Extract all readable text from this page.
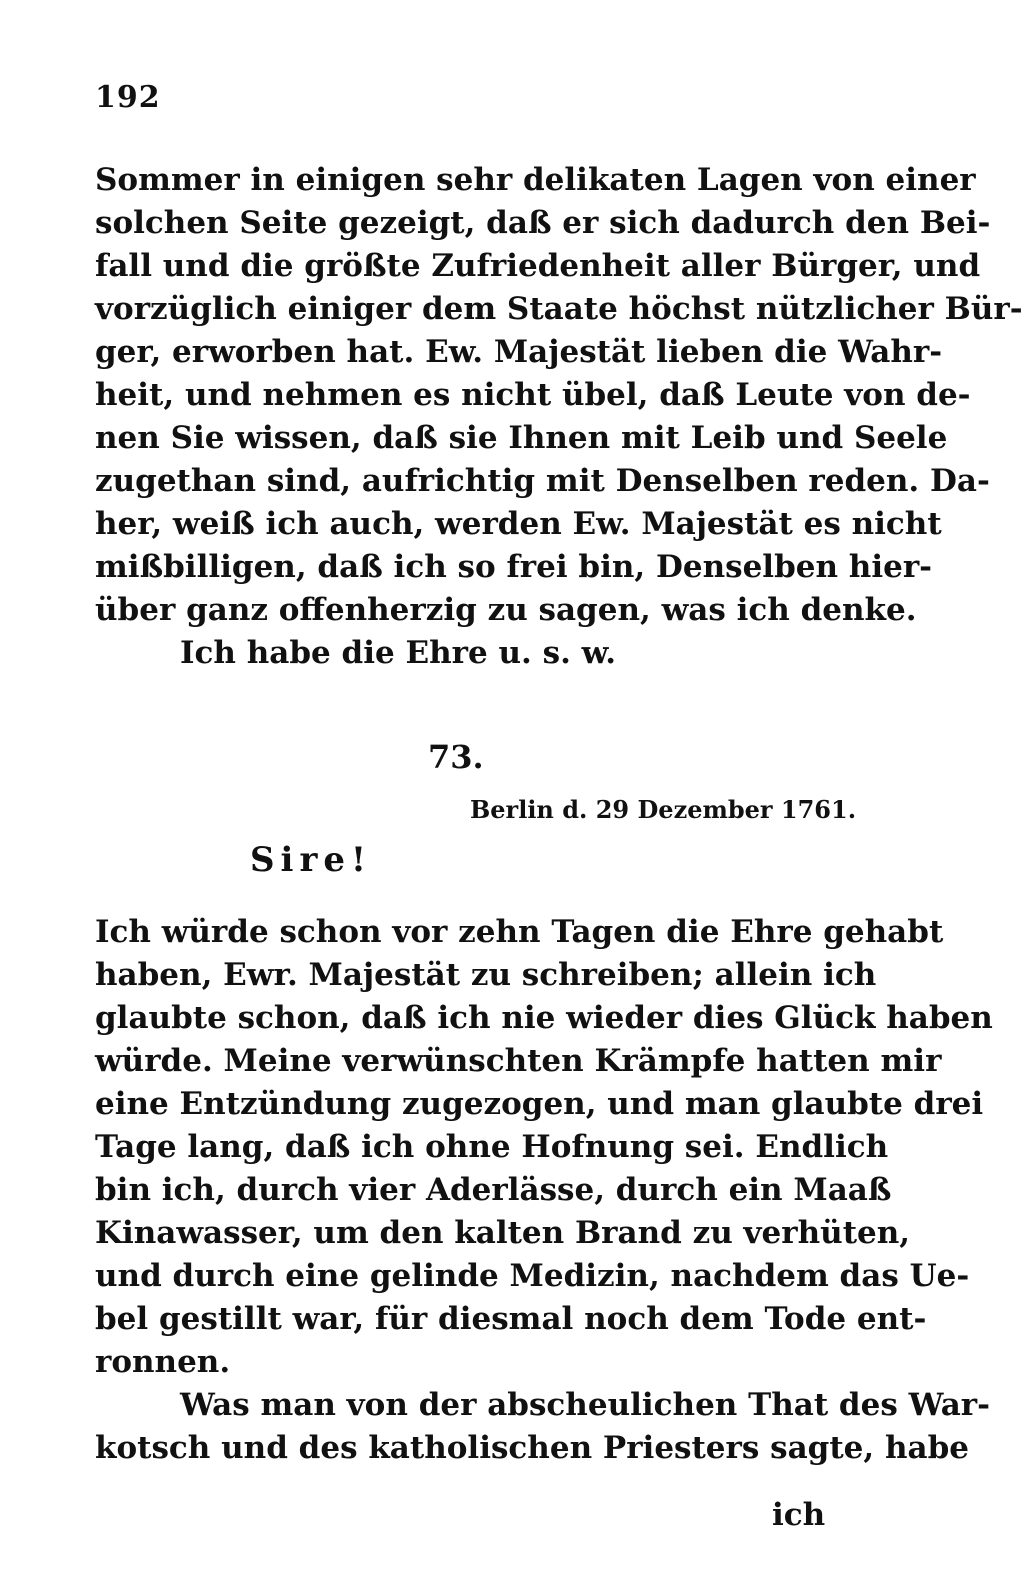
192
Sommer in einigen sehr delikaten Lagen von einer
solchen Seite gezeigt, daß er sich dadurch den Bei-
fall und die größte Zufriedenheit aller Bürger, und
vorzüglich einiger dem Staate höchst nützlicher Bür-
ger, erworben hat. Ew. Majestät lieben die Wahr-
heit, und nehmen es nicht übel, daß Leute von de-
nen Sie wissen, daß sie Ihnen mit Leib und Seele
zugethan sind, aufrichtig mit Denselben reden. Da-
her, weiß ich auch, werden Ew. Majestät es nicht
mißbilligen, daß ich so frei bin, Denselben hier-
über ganz offenherzig zu sagen, was ich denke.
Ich habe die Ehre u. s. w.
73.
Berlin d. 29 Dezember 1761.
Sire!
Ich würde schon vor zehn Tagen die Ehre gehabt
haben, Ewr. Majestät zu schreiben; allein ich
glaubte schon, daß ich nie wieder dies Glück haben
würde. Meine verwünschten Krämpfe hatten mir
eine Entzündung zugezogen, und man glaubte drei
Tage lang, daß ich ohne Hofnung sei. Endlich
bin ich, durch vier Aderlässe, durch ein Maaß
Kinawasser, um den kalten Brand zu verhüten,
und durch eine gelinde Medizin, nachdem das Ue-
bel gestillt war, für diesmal noch dem Tode ent-
ronnen.
Was man von der abscheulichen That des War-
kotsch und des katholischen Priesters sagte, habe
ich
